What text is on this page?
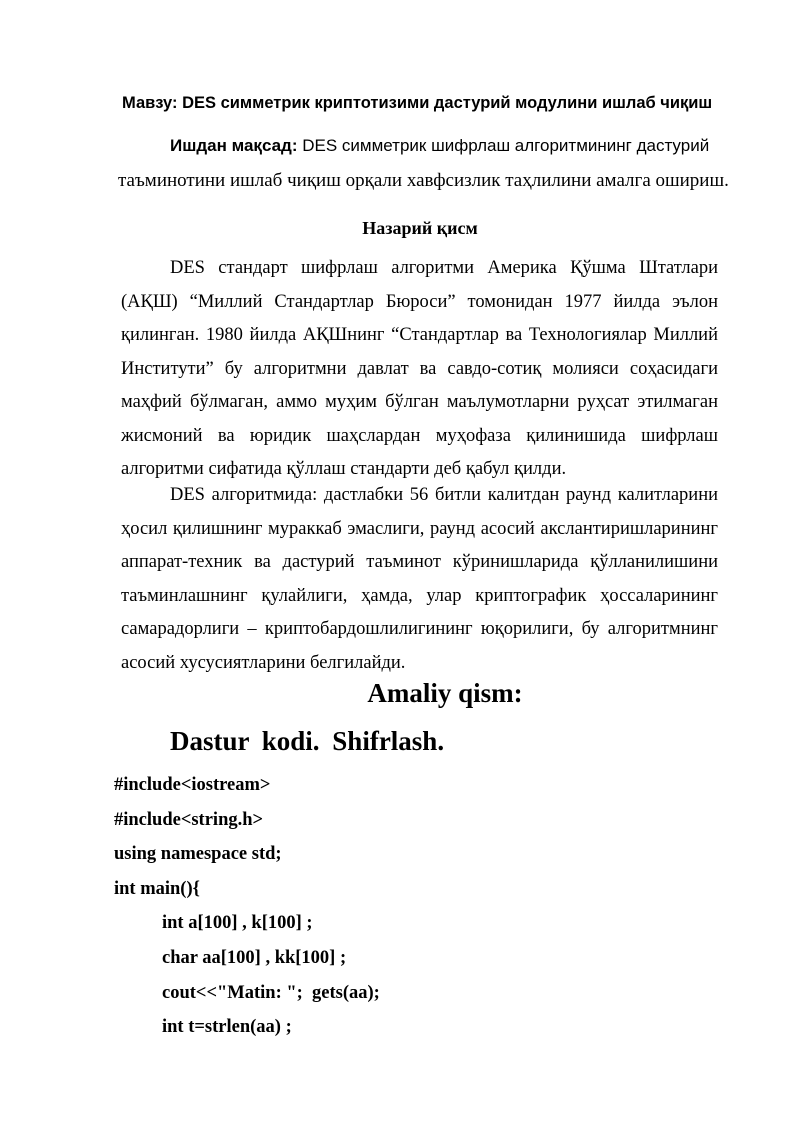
Мавзу: DES симметрик криптотизими дастурий модулини ишлаб чиқиш
Ишдан мақсад: DES симметрик шифрлаш алгоритмининг дастурий
таъминотини ишлаб чиқиш орқали хавфсизлик таҳлилини амалга ошириш.
Назарий қисм
DES стандарт шифрлаш алгоритми Америка Қўшма Штатлари
(АҚШ) “Миллий Стандартлар Бюроси” томонидан 1977 йилда эълон
қилинган. 1980 йилда АҚШнинг “Стандартлар ва Технологиялар Миллий
Институти” бу алгоритмни давлат ва савдо-сотиқ молияси соҳасидаги
маҳфий бўлмаган, аммо муҳим бўлган маълумотларни руҳсат этилмаган
жисмоний ва юридик шаҳслардан муҳофаза қилинишида шифрлаш
алгоритми сифатида қўллаш стандарти деб қабул қилди.
DES алгоритмида: дастлабки 56 битли калитдан раунд калитларини
ҳосил қилишнинг мураккаб эмаслиги, раунд асосий акслантиришларининг
аппарат-техник ва дастурий таъминот кўринишларида қўлланилишини
таъминлашнинг қулайлиги, ҳамда, улар криптографик ҳоссаларининг
самарадорлиги – криптобардошлилигининг юқорилиги, бу алгоритмнинг
асосий хусусиятларини белгилайди.
Amaliy qism:
Dastur kodi. Shifrlash.
#include<iostream>
#include<string.h>
using namespace std;
int main(){
int a[100] , k[100] ;
char aa[100] , kk[100] ;
cout<<"Matin: ";  gets(aa);
int t=strlen(aa) ;
